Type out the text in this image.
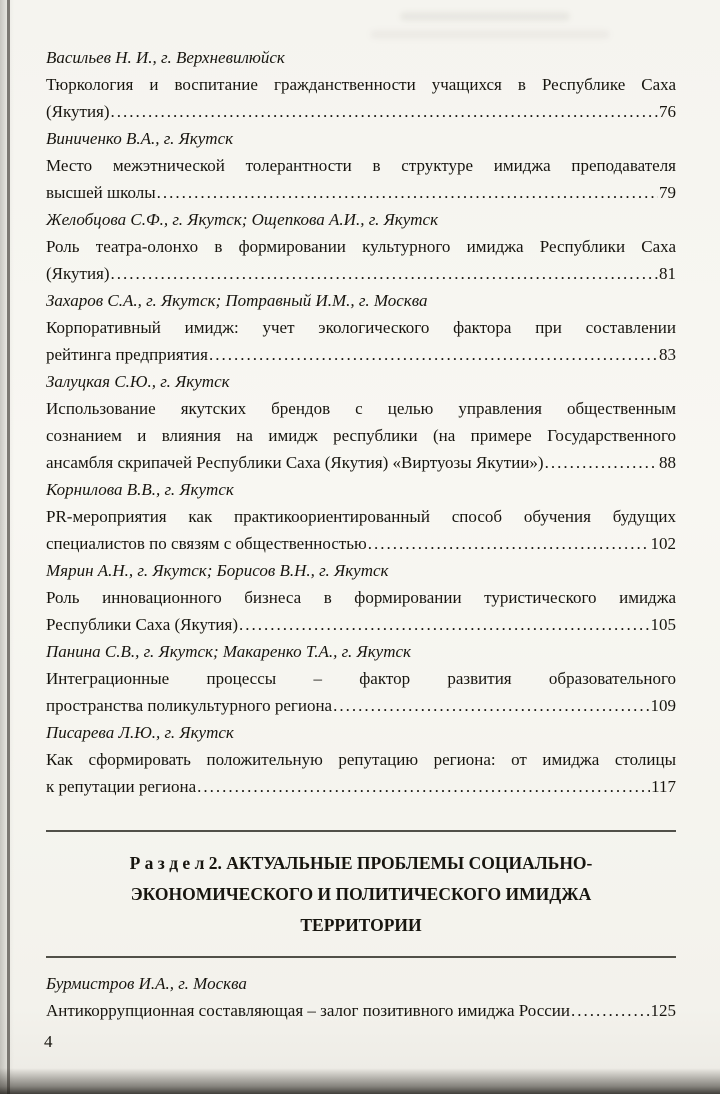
Васильев Н. И., г. Верхневилюйск
Тюркология и воспитание гражданственности учащихся в Республике Саха
(Якутия) .....	76
Виниченко В.А., г. Якутск
Место межэтнической толерантности в структуре имиджа преподавателя
высшей школы .....	79
Желобцова С.Ф., г. Якутск; Ощепкова А.И., г. Якутск
Роль театра-олонхо в формировании культурного имиджа Республики Саха
(Якутия) .....	81
Захаров С.А., г. Якутск; Потравный И.М., г. Москва
Корпоративный имидж: учет экологического фактора при составлении
рейтинга предприятия .....	83
Залуцкая С.Ю., г. Якутск
Использование якутских брендов с целью управления общественным
сознанием и влияния на имидж республики (на примере Государственного
ансамбля скрипачей Республики Саха (Якутия) «Виртуозы Якутии») .....	88
Корнилова В.В., г. Якутск
PR-мероприятия как практикоориентированный способ обучения будущих
специалистов по связям с общественностью .....	102
Мярин А.Н., г. Якутск; Борисов В.Н., г. Якутск
Роль инновационного бизнеса в формировании туристического имиджа
Республики Саха (Якутия) .....	105
Панина С.В., г. Якутск; Макаренко Т.А., г. Якутск
Интеграционные процессы – фактор развития образовательного
пространства поликультурного региона .....	109
Писарева Л.Ю., г. Якутск
Как сформировать положительную репутацию региона: от имиджа столицы
к репутации региона .....	117
Р а з д е л 2. АКТУАЛЬНЫЕ ПРОБЛЕМЫ СОЦИАЛЬНО-
ЭКОНОМИЧЕСКОГО И ПОЛИТИЧЕСКОГО ИМИДЖА
ТЕРРИТОРИИ
Бурмистров И.А., г. Москва
Антикоррупционная составляющая – залог позитивного имиджа России .....	125
4
